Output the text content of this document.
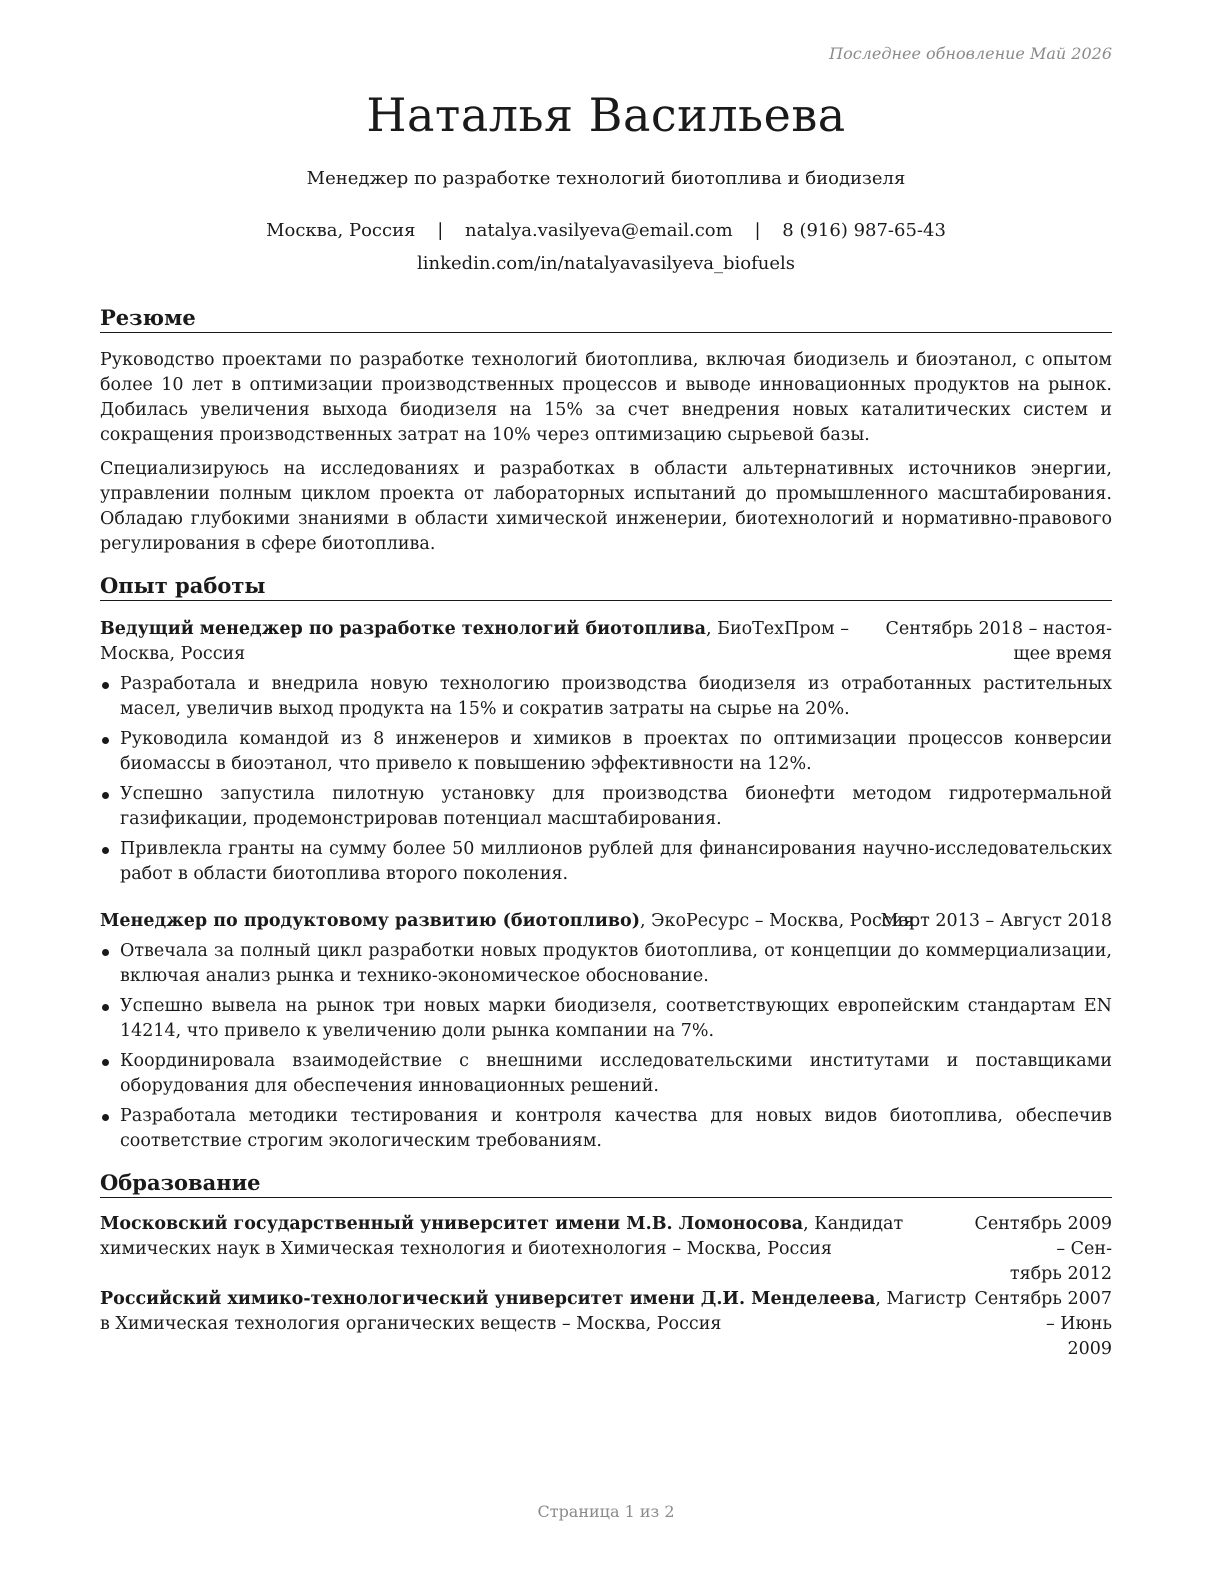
Последнее обновление Май 2026
Наталья Васильева
Менеджер по разработке технологий биотоплива и биодизеля
Москва, Россия | natalya.vasilyeva@email.com | 8 (916) 987-65-43
linkedin.com/in/natalyavasilyeva_biofuels
Резюме

Руководство проектами по разработке технологий биотоплива, включая биодизель и биоэтанол, с опытом более 10 лет в оптимизации производственных процессов и выводе инновационных продуктов на рынок. Добилась увеличения выхода биодизеля на 15% за счет внедрения новых каталитических систем и сокращения производственных затрат на 10% через оптимизацию сырьевой базы.

Специализируюсь на исследованиях и разработках в области альтернативных источников энергии, управлении полным циклом проекта от лабораторных испытаний до промышленного масштабирования. Обладаю глубокими знаниями в области химической инженерии, биотехнологий и нормативно-правового регулирования в сфере биотоплива.

Опыт работы
Ведущий менеджер по разработке технологий биотоплива, БиоТехПром –
Москва, Россия
Сентябрь 2018 – настоя-
щее время
Разработала и внедрила новую технологию производства биодизеля из отработанных растительных масел, увеличив выход продукта на 15% и сократив затраты на сырье на 20%.
Руководила командой из 8 инженеров и химиков в проектах по оптимизации процессов конверсии биомассы в биоэтанол, что привело к повышению эффективности на 12%.
Успешно запустила пилотную установку для производства бионефти методом гидротермальной газификации, продемонстрировав потенциал масштабирования.
Привлекла гранты на сумму более 50 миллионов рублей для финансирования научно-исследовательских работ в области биотоплива второго поколения.
Менеджер по продуктовому развитию (биотопливо), ЭкоРесурс – Москва, Россия
Март 2013 – Август 2018
Отвечала за полный цикл разработки новых продуктов биотоплива, от концепции до коммерциализации, включая анализ рынка и технико-экономическое обоснование.
Успешно вывела на рынок три новых марки биодизеля, соответствующих европейским стандартам EN 14214, что привело к увеличению доли рынка компании на 7%.
Координировала взаимодействие с внешними исследовательскими институтами и поставщиками оборудования для обеспечения инновационных решений.
Разработала методики тестирования и контроля качества для новых видов биотоплива, обеспечив соответствие строгим экологическим требованиям.
Образование
Московский государственный университет имени М.В. Ломоносова, Кандидат химических наук в Химическая технология и биотехнология – Москва, Россия
Сентябрь 2009 – Сен-
тябрь 2012
Российский химико-технологический университет имени Д.И. Менделеева, Магистр в Химическая технология органических веществ – Москва, Россия
Сентябрь 2007 – Июнь
2009
Страница 1 из 2
